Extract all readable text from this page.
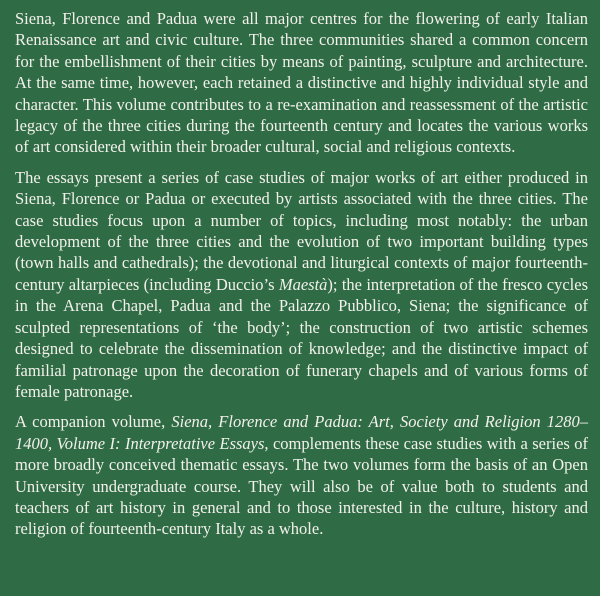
Siena, Florence and Padua were all major centres for the flowering of early Italian Renaissance art and civic culture. The three communities shared a common concern for the embellishment of their cities by means of painting, sculpture and architecture. At the same time, however, each retained a distinctive and highly individual style and character. This volume contributes to a re-examination and reassessment of the artistic legacy of the three cities during the fourteenth century and locates the various works of art considered within their broader cultural, social and religious contexts.

The essays present a series of case studies of major works of art either produced in Siena, Florence or Padua or executed by artists associated with the three cities. The case studies focus upon a number of topics, including most notably: the urban development of the three cities and the evolution of two important building types (town halls and cathedrals); the devotional and liturgical contexts of major fourteenth-century altarpieces (including Duccio’s Maestà); the interpretation of the fresco cycles in the Arena Chapel, Padua and the Palazzo Pubblico, Siena; the significance of sculpted representations of ‘the body’; the construction of two artistic schemes designed to celebrate the dissemination of knowledge; and the distinctive impact of familial patronage upon the decoration of funerary chapels and of various forms of female patronage.

A companion volume, Siena, Florence and Padua: Art, Society and Religion 1280–1400, Volume I: Interpretative Essays, complements these case studies with a series of more broadly conceived thematic essays. The two volumes form the basis of an Open University undergraduate course. They will also be of value both to students and teachers of art history in general and to those interested in the culture, history and religion of fourteenth-century Italy as a whole.
